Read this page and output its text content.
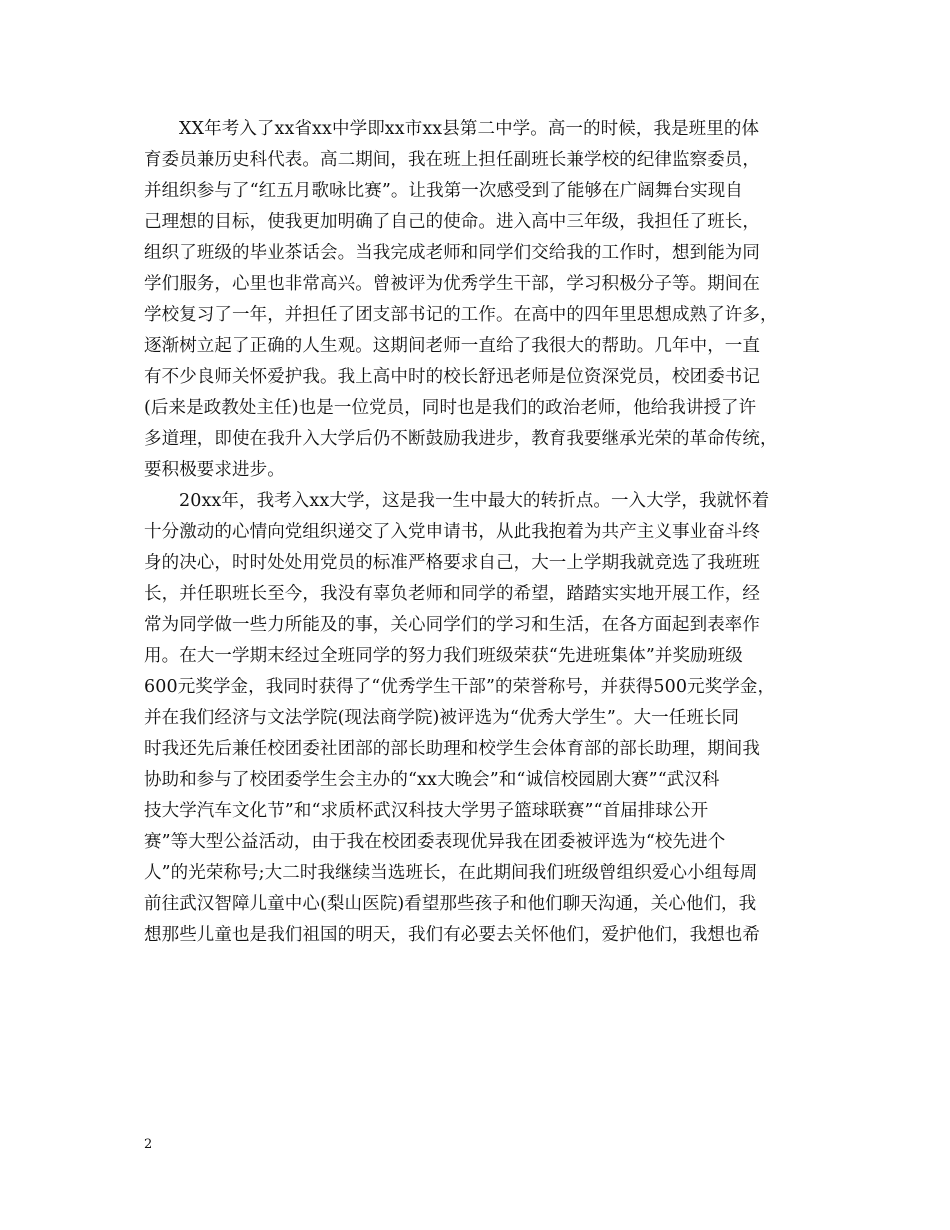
XX年考入了xx省xx中学即xx市xx县第二中学。高一的时候，我是班里的体
育委员兼历史科代表。高二期间，我在班上担任副班长兼学校的纪律监察委员，
并组织参与了“红五月歌咏比赛”。让我第一次感受到了能够在广阔舞台实现自
己理想的目标，使我更加明确了自己的使命。进入高中三年级，我担任了班长，
组织了班级的毕业茶话会。当我完成老师和同学们交给我的工作时，想到能为同
学们服务，心里也非常高兴。曾被评为优秀学生干部，学习积极分子等。期间在
学校复习了一年，并担任了团支部书记的工作。在高中的四年里思想成熟了许多，
逐渐树立起了正确的人生观。这期间老师一直给了我很大的帮助。几年中，一直
有不少良师关怀爱护我。我上高中时的校长舒迅老师是位资深党员，校团委书记
(后来是政教处主任)也是一位党员，同时也是我们的政治老师，他给我讲授了许
多道理，即使在我升入大学后仍不断鼓励我进步，教育我要继承光荣的革命传统，
要积极要求进步。
20xx年，我考入xx大学，这是我一生中最大的转折点。一入大学，我就怀着
十分激动的心情向党组织递交了入党申请书，从此我抱着为共产主义事业奋斗终
身的决心，时时处处用党员的标准严格要求自己，大一上学期我就竞选了我班班
长，并任职班长至今，我没有辜负老师和同学的希望，踏踏实实地开展工作，经
常为同学做一些力所能及的事，关心同学们的学习和生活，在各方面起到表率作
用。在大一学期末经过全班同学的努力我们班级荣获“先进班集体”并奖励班级
600元奖学金，我同时获得了“优秀学生干部”的荣誉称号，并获得500元奖学金，
并在我们经济与文法学院(现法商学院)被评选为“优秀大学生”。大一任班长同
时我还先后兼任校团委社团部的部长助理和校学生会体育部的部长助理，期间我
协助和参与了校团委学生会主办的“xx大晚会”和“诚信校园剧大赛”“武汉科
技大学汽车文化节”和“求质杯武汉科技大学男子篮球联赛”“首届排球公开
赛”等大型公益活动，由于我在校团委表现优异我在团委被评选为“校先进个
人”的光荣称号;大二时我继续当选班长，在此期间我们班级曾组织爱心小组每周
前往武汉智障儿童中心(梨山医院)看望那些孩子和他们聊天沟通，关心他们，我
想那些儿童也是我们祖国的明天，我们有必要去关怀他们，爱护他们，我想也希
2
